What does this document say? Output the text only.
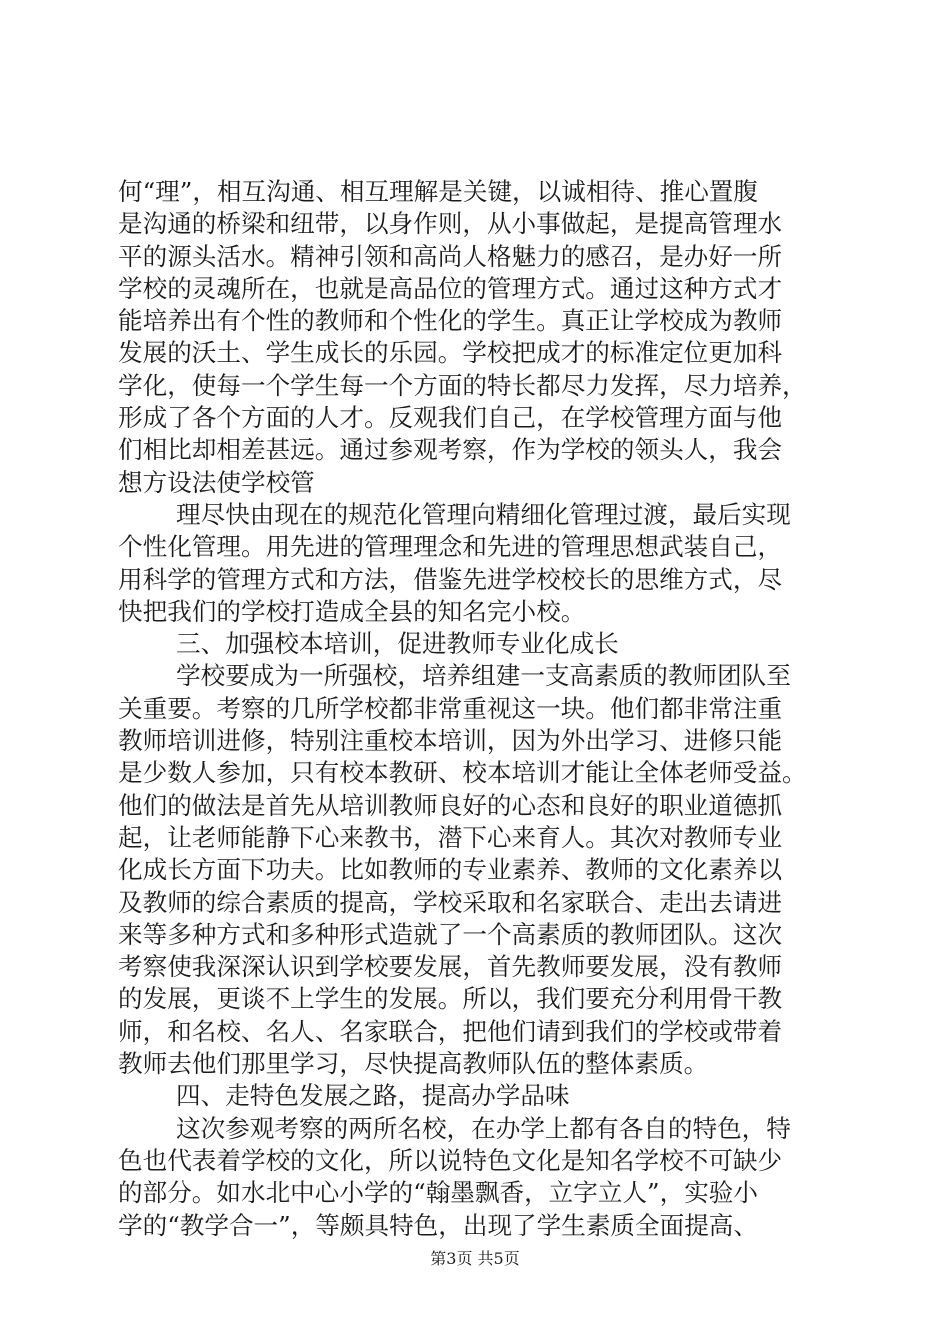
何“理”，相互沟通、相互理解是关键，以诚相待、推心置腹
是沟通的桥梁和纽带，以身作则，从小事做起，是提高管理水
平的源头活水。精神引领和高尚人格魅力的感召，是办好一所
学校的灵魂所在，也就是高品位的管理方式。通过这种方式才
能培养出有个性的教师和个性化的学生。真正让学校成为教师
发展的沃土、学生成长的乐园。学校把成才的标准定位更加科
学化，使每一个学生每一个方面的特长都尽力发挥，尽力培养，
形成了各个方面的人才。反观我们自己，在学校管理方面与他
们相比却相差甚远。通过参观考察，作为学校的领头人，我会
想方设法使学校管
理尽快由现在的规范化管理向精细化管理过渡，最后实现
个性化管理。用先进的管理理念和先进的管理思想武装自己，
用科学的管理方式和方法，借鉴先进学校校长的思维方式，尽
快把我们的学校打造成全县的知名完小校。
三、加强校本培训，促进教师专业化成长
学校要成为一所强校，培养组建一支高素质的教师团队至
关重要。考察的几所学校都非常重视这一块。他们都非常注重
教师培训进修，特别注重校本培训，因为外出学习、进修只能
是少数人参加，只有校本教研、校本培训才能让全体老师受益。
他们的做法是首先从培训教师良好的心态和良好的职业道德抓
起，让老师能静下心来教书，潜下心来育人。其次对教师专业
化成长方面下功夫。比如教师的专业素养、教师的文化素养以
及教师的综合素质的提高，学校采取和名家联合、走出去请进
来等多种方式和多种形式造就了一个高素质的教师团队。这次
考察使我深深认识到学校要发展，首先教师要发展，没有教师
的发展，更谈不上学生的发展。所以，我们要充分利用骨干教
师，和名校、名人、名家联合，把他们请到我们的学校或带着
教师去他们那里学习，尽快提高教师队伍的整体素质。
四、走特色发展之路，提高办学品味
这次参观考察的两所名校，在办学上都有各自的特色，特
色也代表着学校的文化，所以说特色文化是知名学校不可缺少
的部分。如水北中心小学的“翰墨飘香，立字立人”，实验小
学的“教学合一”，等颇具特色，出现了学生素质全面提高、
第3页 共5页
